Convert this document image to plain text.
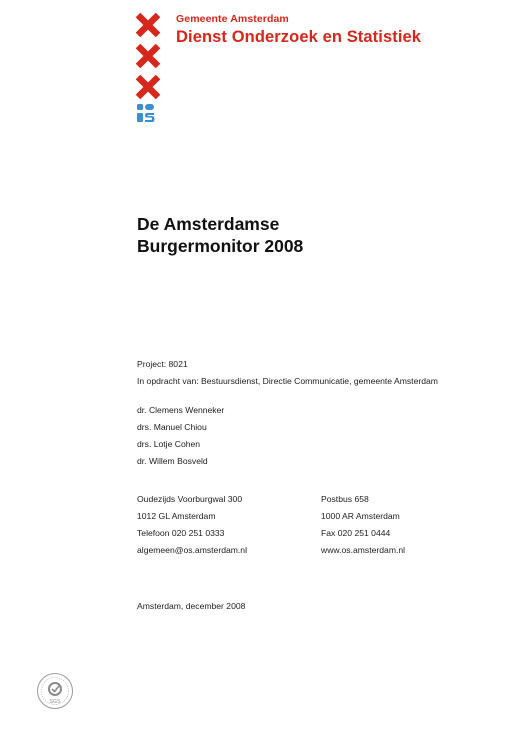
Gemeente Amsterdam
Dienst Onderzoek en Statistiek
De Amsterdamse
Burgermonitor 2008
Project: 8021
In opdracht van: Bestuursdienst, Directie Communicatie, gemeente Amsterdam
dr. Clemens Wenneker
drs. Manuel Chiou
drs. Lotje Cohen
dr. Willem Bosveld
Oudezijds Voorburgwal 300
1012 GL Amsterdam
Telefoon 020 251 0333
algemeen@os.amsterdam.nl
Postbus 658
1000 AR Amsterdam
Fax 020 251 0444
www.os.amsterdam.nl
Amsterdam, december 2008
SGS
